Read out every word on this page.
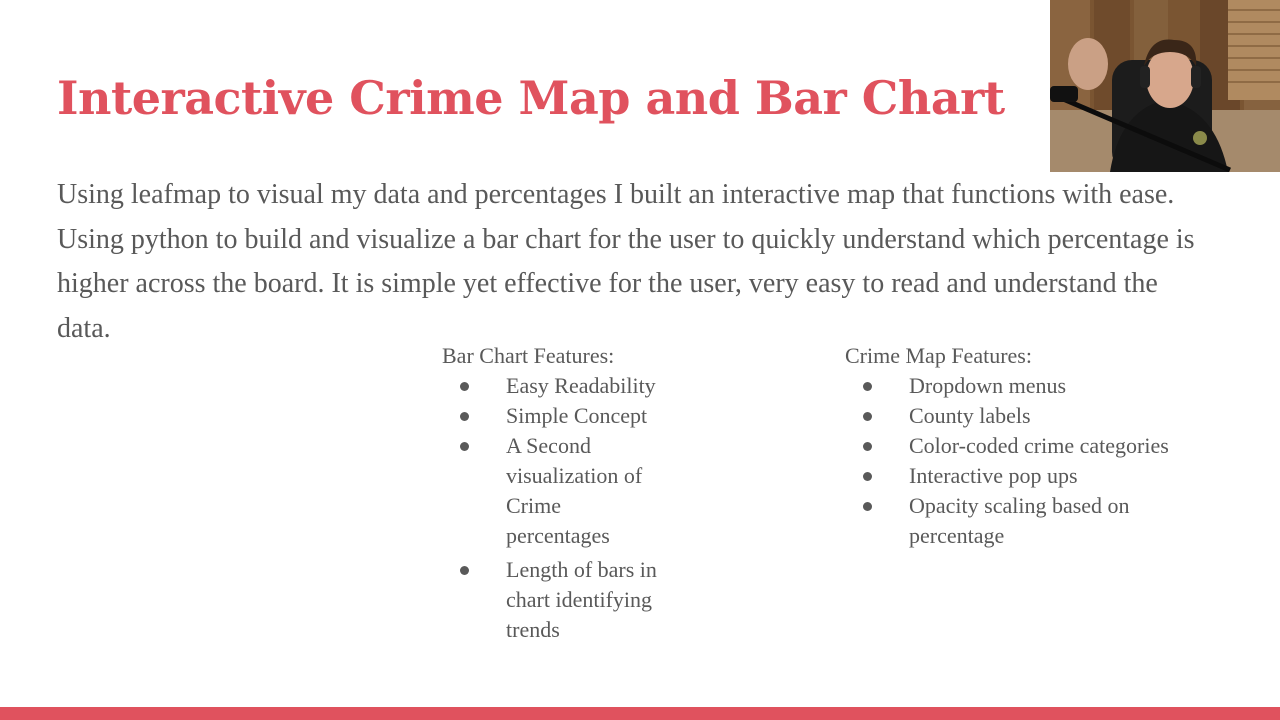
Interactive Crime Map and Bar Chart

Using leafmap to visual my data and percentages I built an interactive map that functions with ease. Using python to build and visualize a bar chart for the user to quickly understand which percentage is higher across the board. It is simple yet effective for the user, very easy to read and understand the data.

Bar Chart Features:

Easy Readability
Simple Concept
A Second visualization of Crime percentages
Length of bars in chart identifying trends

Crime Map Features:

Dropdown menus
County labels
Color-coded crime categories
Interactive pop ups
Opacity scaling based on percentage
